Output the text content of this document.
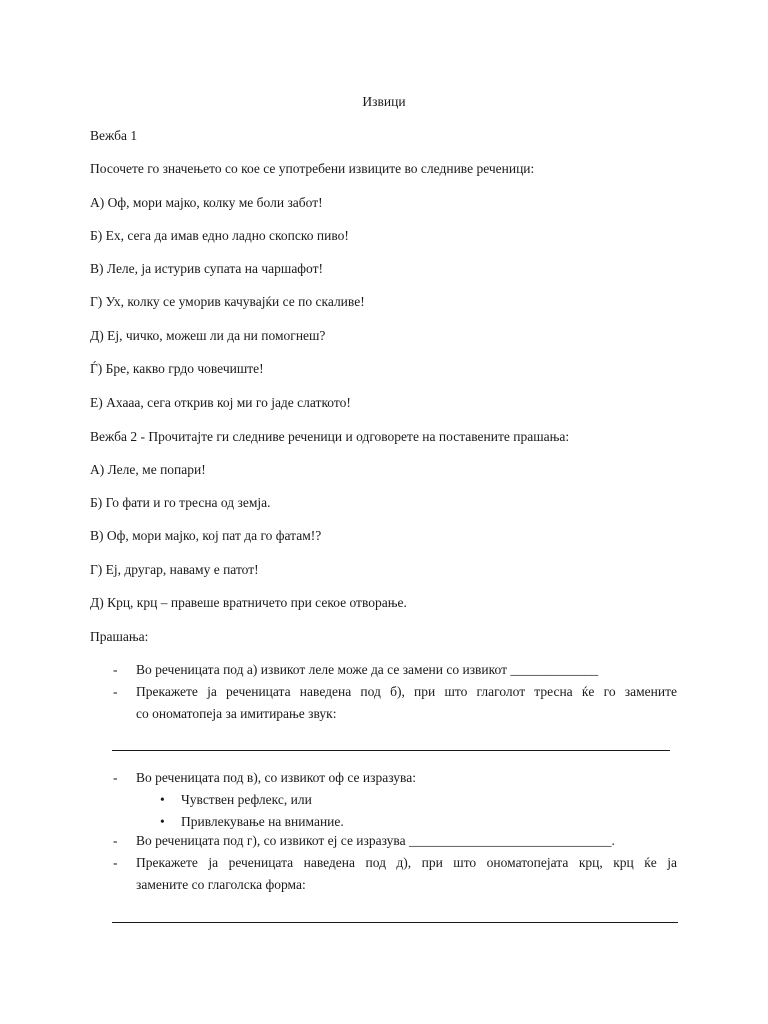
Извици
Вежба 1
Посочете го значењето со кое се употребени извиците во следниве реченици:
А) Оф, мори мајко, колку ме боли забот!
Б) Ех, сега да имав едно ладно скопско пиво!
В) Леле, ја истурив супата на чаршафот!
Г) Ух, колку се уморив качувајќи се по скаливе!
Д) Еј, чичко, можеш ли да ни помогнеш?
Ѓ) Бре, какво грдо човечиште!
Е) Ахааа, сега открив кој ми го јаде слаткото!
Вежба 2 - Прочитајте ги следниве реченици и одговорете на поставените прашања:
А) Леле, ме попари!
Б) Го фати и го тресна од земја.
В) Оф, мори мајко, кој пат да го фатам!?
Г) Еј, другар, наваму е патот!
Д) Крц, крц – правеше вратничето при секое отворање.
Прашања:
- Во реченицата под а) извикот леле може да се замени со извикот _____________
- Прекажете ја реченицата наведена под б), при што глаголот тресна ќе го замените
со ономатопеја за имитирање звук:
- Во реченицата под в), со извикот оф се изразува:
• Чувствен рефлекс, или
• Привлекување на внимание.
- Во реченицата под г), со извикот еј се изразува ______________________________.
- Прекажете ја реченицата наведена под д), при што ономатопејата крц, крц ќе ја
замените со глаголска форма:
